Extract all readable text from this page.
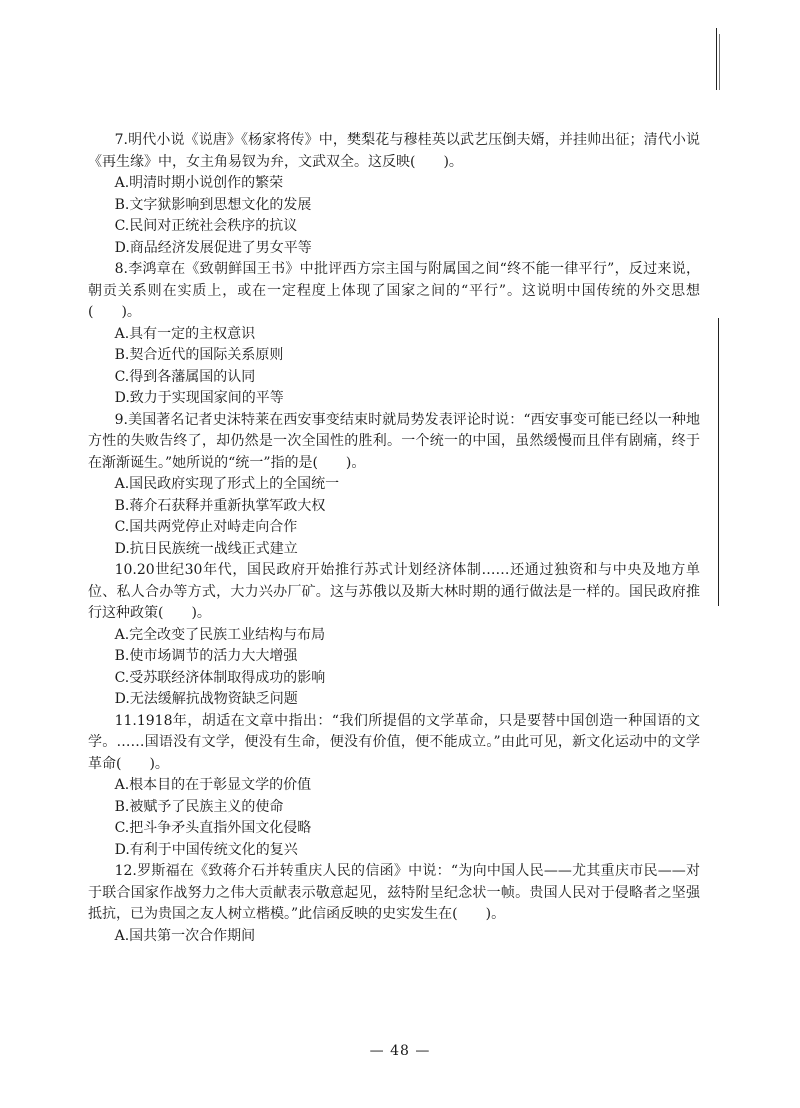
7.明代小说《说唐》《杨家将传》中，樊梨花与穆桂英以武艺压倒夫婿，并挂帅出征；清代小说《再生缘》中，女主角易钗为弁，文武双全。这反映(　　)。

A.明清时期小说创作的繁荣

B.文字狱影响到思想文化的发展

C.民间对正统社会秩序的抗议

D.商品经济发展促进了男女平等

8.李鸿章在《致朝鲜国王书》中批评西方宗主国与附属国之间“终不能一律平行”，反过来说，朝贡关系则在实质上，或在一定程度上体现了国家之间的“平行”。这说明中国传统的外交思想(　　)。

A.具有一定的主权意识

B.契合近代的国际关系原则

C.得到各藩属国的认同

D.致力于实现国家间的平等

9.美国著名记者史沫特莱在西安事变结束时就局势发表评论时说：“西安事变可能已经以一种地方性的失败告终了，却仍然是一次全国性的胜利。一个统一的中国，虽然缓慢而且伴有剧痛，终于在渐渐诞生。”她所说的“统一”指的是(　　)。

A.国民政府实现了形式上的全国统一

B.蒋介石获释并重新执掌军政大权

C.国共两党停止对峙走向合作

D.抗日民族统一战线正式建立

10.20世纪30年代，国民政府开始推行苏式计划经济体制……还通过独资和与中央及地方单位、私人合办等方式，大力兴办厂矿。这与苏俄以及斯大林时期的通行做法是一样的。国民政府推行这种政策(　　)。

A.完全改变了民族工业结构与布局

B.使市场调节的活力大大增强

C.受苏联经济体制取得成功的影响

D.无法缓解抗战物资缺乏问题

11.1918年，胡适在文章中指出：“我们所提倡的文学革命，只是要替中国创造一种国语的文学。……国语没有文学，便没有生命，便没有价值，便不能成立。”由此可见，新文化运动中的文学革命(　　)。

A.根本目的在于彰显文学的价值

B.被赋予了民族主义的使命

C.把斗争矛头直指外国文化侵略

D.有利于中国传统文化的复兴

12.罗斯福在《致蒋介石并转重庆人民的信函》中说：“为向中国人民——尤其重庆市民——对于联合国家作战努力之伟大贡献表示敬意起见，兹特附呈纪念状一帧。贵国人民对于侵略者之坚强抵抗，已为贵国之友人树立楷模。”此信函反映的史实发生在(　　)。

A.国共第一次合作期间

— 48 —
